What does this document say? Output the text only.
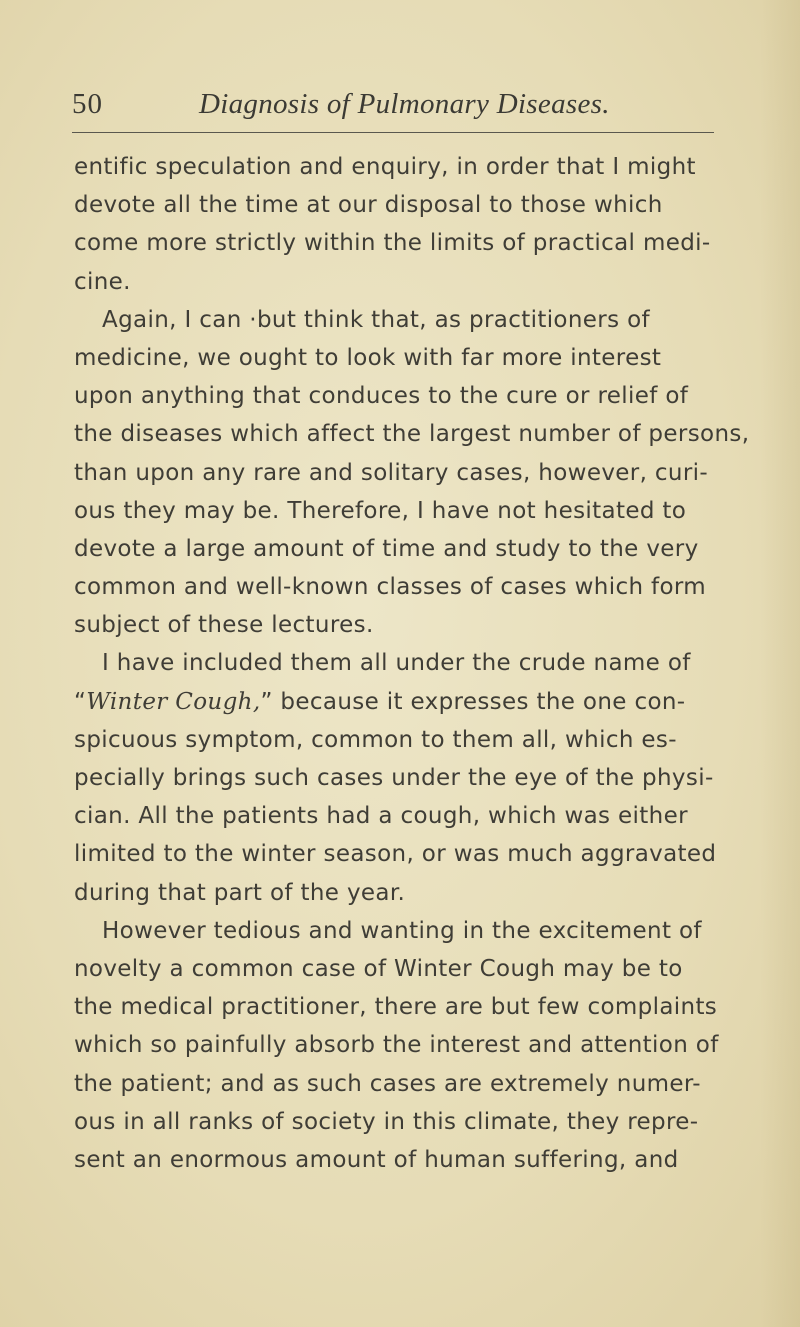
50	Diagnosis of Pulmonary Diseases.
entific speculation and enquiry, in order that I might
devote all the time at our disposal to those which
come more strictly within the limits of practical medi-
cine.
Again, I can ·but think that, as practitioners of
medicine, we ought to look with far more interest
upon anything that conduces to the cure or relief of
the diseases which affect the largest number of persons,
than upon any rare and solitary cases, however, curi-
ous they may be. Therefore, I have not hesitated to
devote a large amount of time and study to the very
common and well-known classes of cases which form
subject of these lectures.
I have included them all under the crude name of
“Winter Cough,” because it expresses the one con-
spicuous symptom, common to them all, which es-
pecially brings such cases under the eye of the physi-
cian. All the patients had a cough, which was either
limited to the winter season, or was much aggravated
during that part of the year.
However tedious and wanting in the excitement of
novelty a common case of Winter Cough may be to
the medical practitioner, there are but few complaints
which so painfully absorb the interest and attention of
the patient; and as such cases are extremely numer-
ous in all ranks of society in this climate, they repre-
sent an enormous amount of human suffering, and
